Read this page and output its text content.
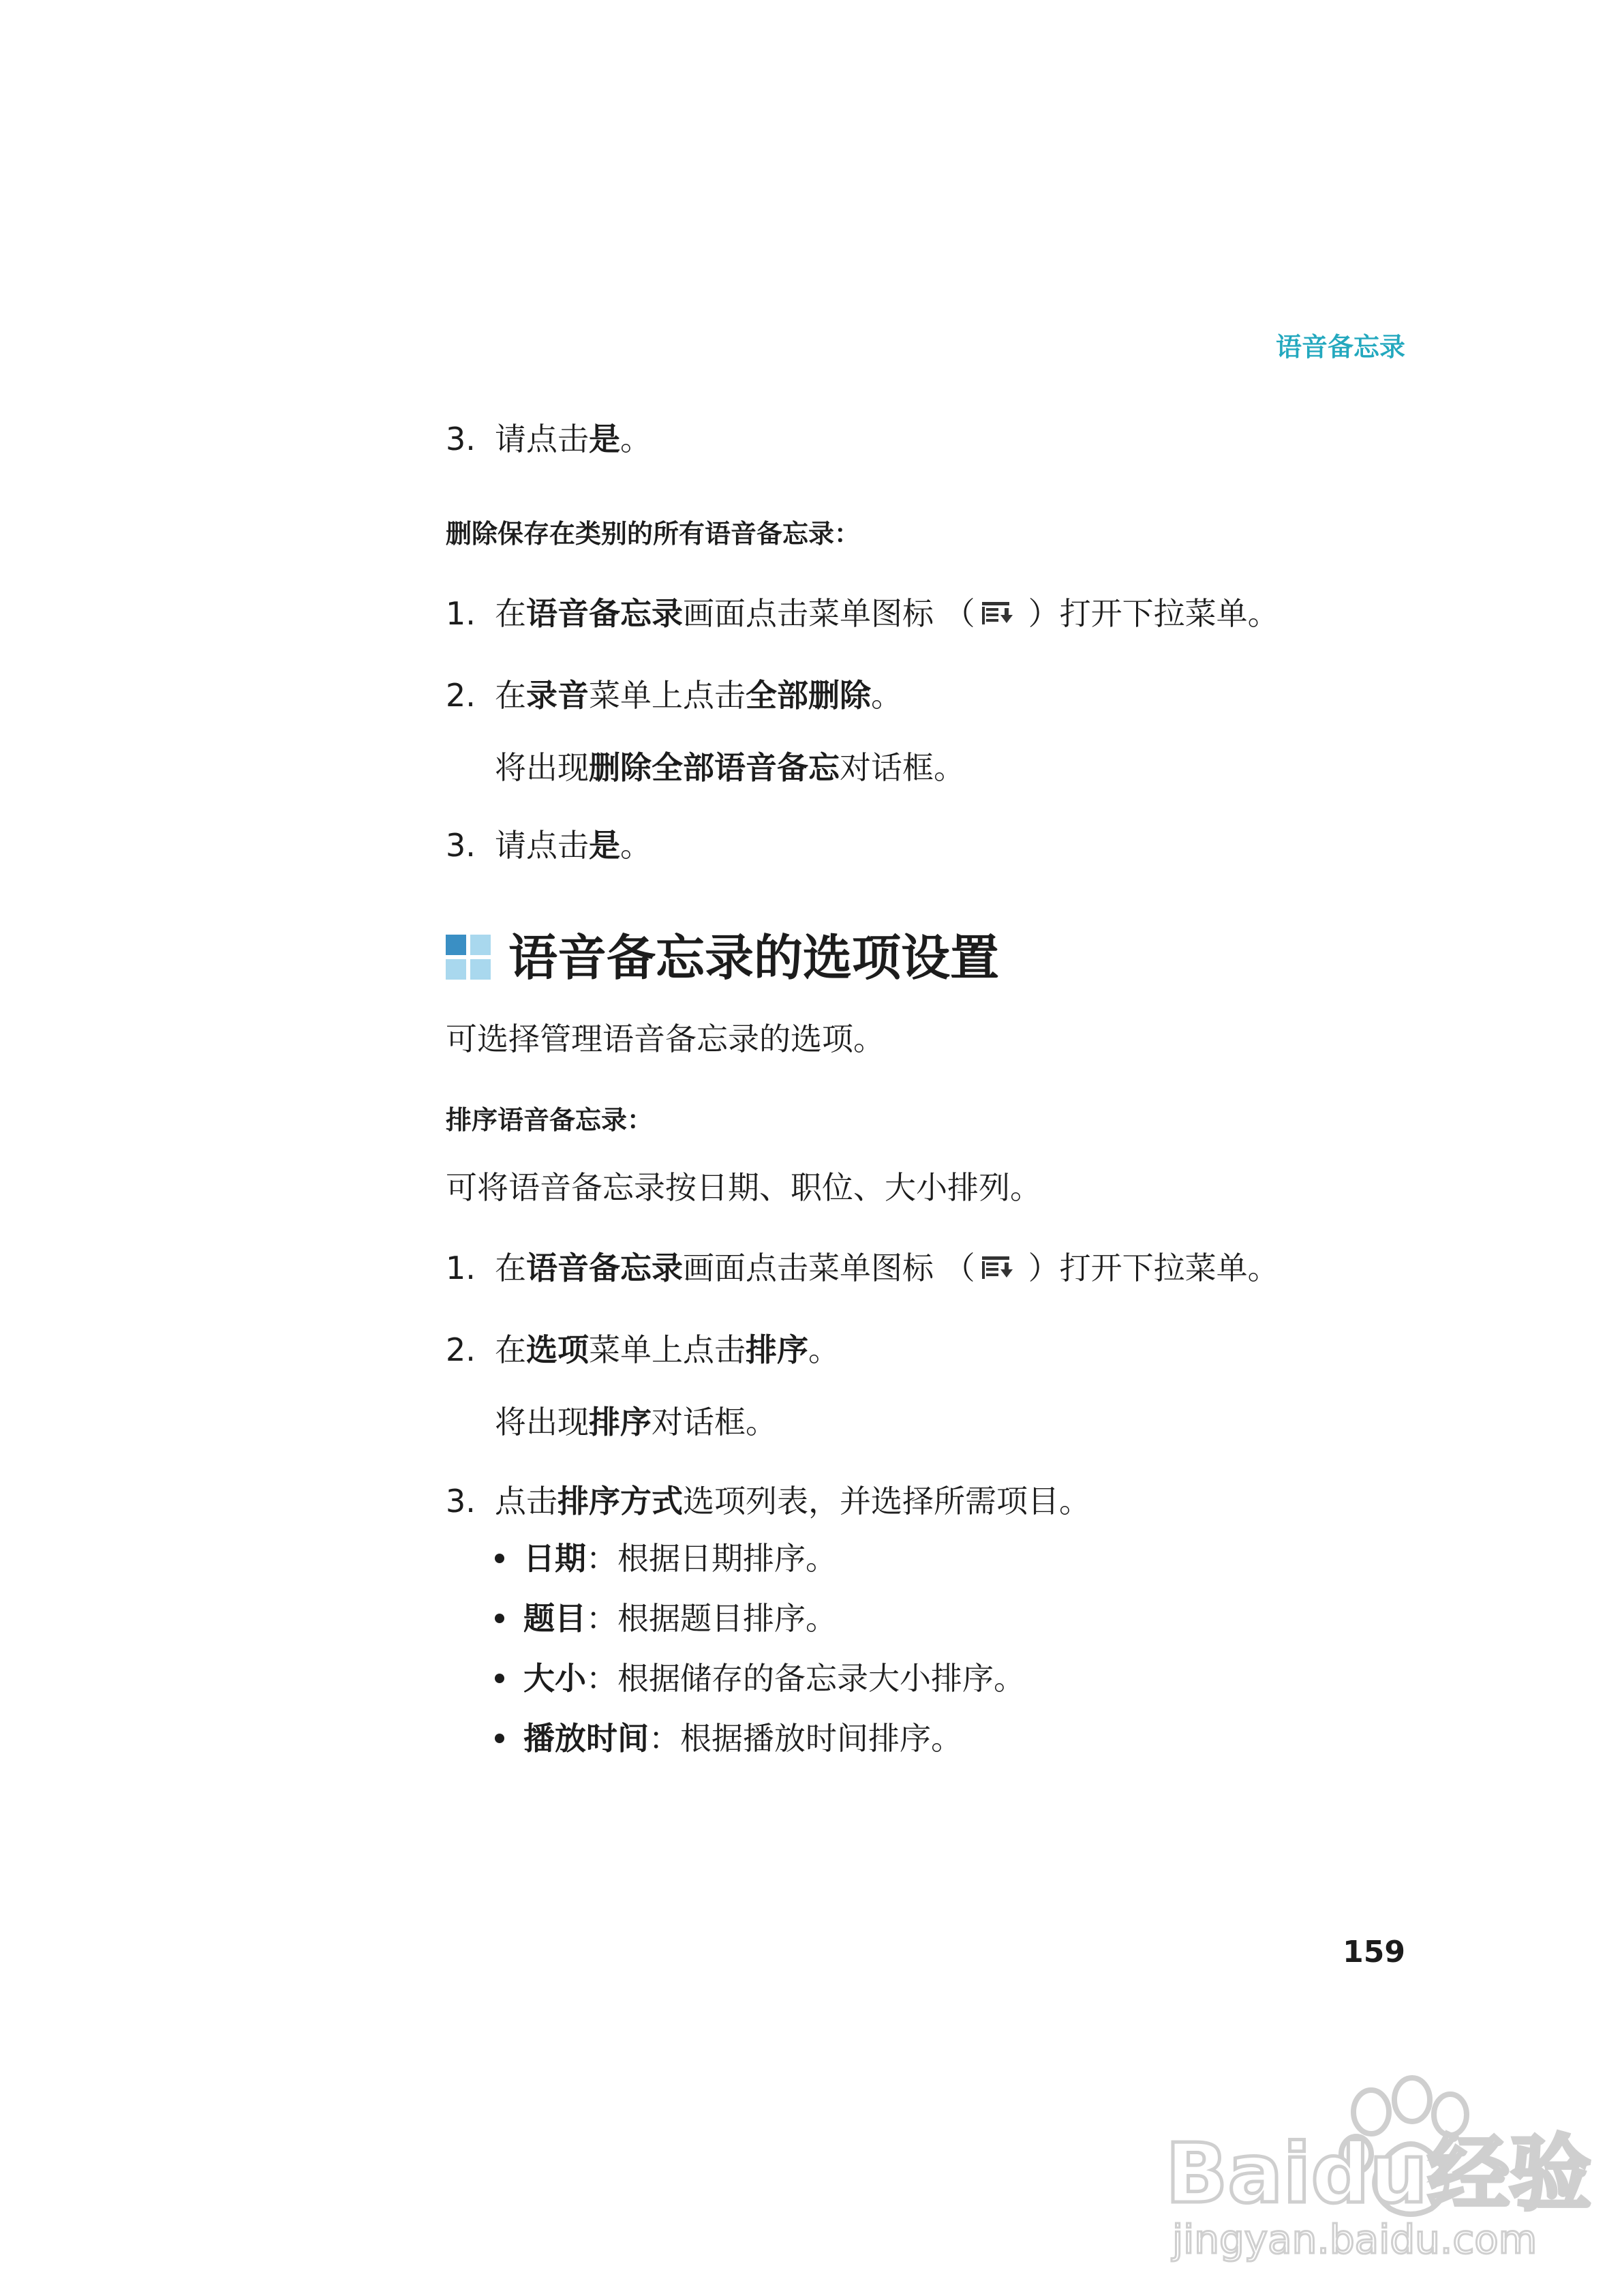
语音备忘录
3. 请点击是。
删除保存在类别的所有语音备忘录：
1. 在语音备忘录画面点击菜单图标 （ ）打开下拉菜单。
2. 在录音菜单上点击全部删除。
将出现删除全部语音备忘对话框。
3. 请点击是。
语音备忘录的选项设置
可选择管理语音备忘录的选项。
排序语音备忘录：
可将语音备忘录按日期、职位、大小排列。
1. 在语音备忘录画面点击菜单图标 （ ）打开下拉菜单。
2. 在选项菜单上点击排序。
将出现排序对话框。
3. 点击排序方式选项列表，并选择所需项目。
日期：根据日期排序。
题目：根据题目排序。
大小：根据储存的备忘录大小排序。
播放时间：根据播放时间排序。
159
Baidu经验
jingyan.baidu.com
